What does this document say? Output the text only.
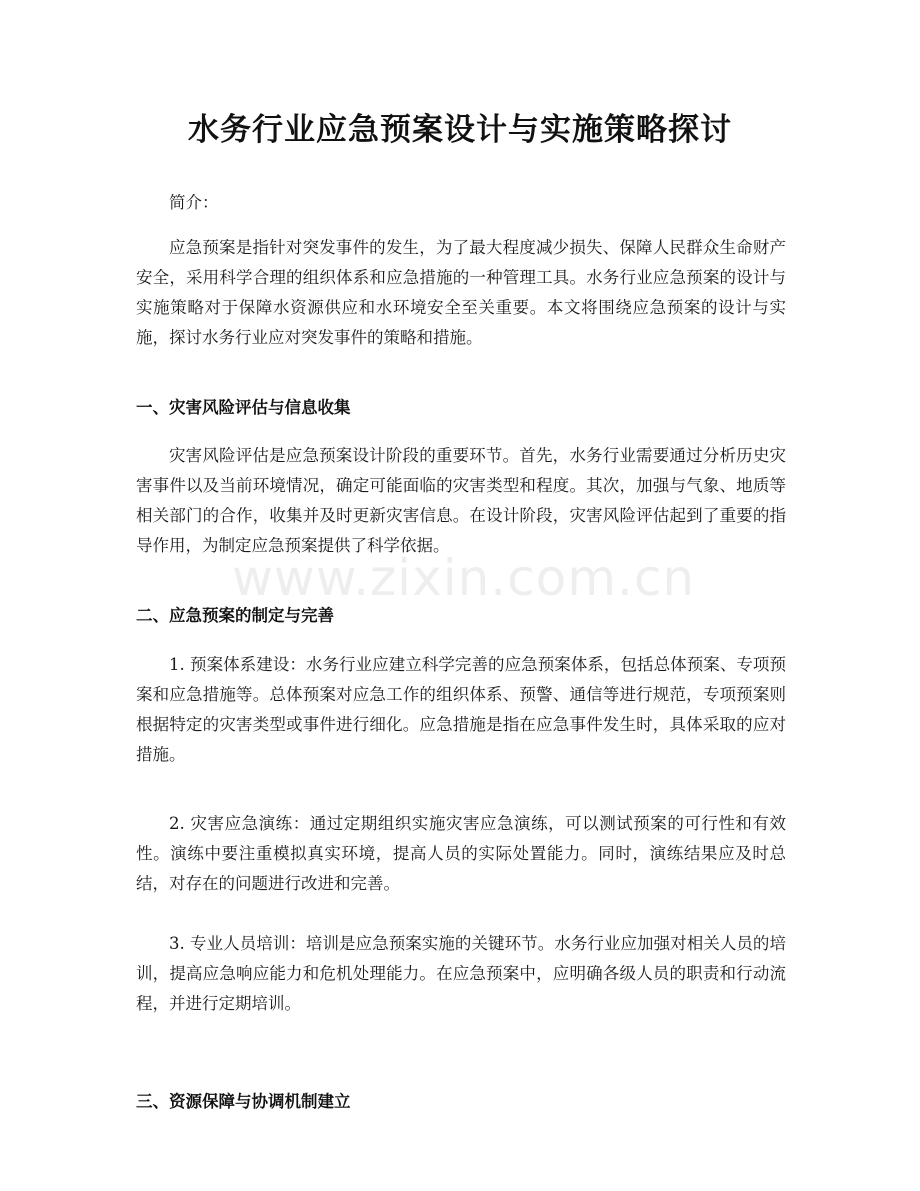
水务行业应急预案设计与实施策略探讨

简介：

应急预案是指针对突发事件的发生，为了最大程度减少损失、保障人民群众生命财产安全，采用科学合理的组织体系和应急措施的一种管理工具。水务行业应急预案的设计与实施策略对于保障水资源供应和水环境安全至关重要。本文将围绕应急预案的设计与实施，探讨水务行业应对突发事件的策略和措施。

一、灾害风险评估与信息收集

灾害风险评估是应急预案设计阶段的重要环节。首先，水务行业需要通过分析历史灾害事件以及当前环境情况，确定可能面临的灾害类型和程度。其次，加强与气象、地质等相关部门的合作，收集并及时更新灾害信息。在设计阶段，灾害风险评估起到了重要的指导作用，为制定应急预案提供了科学依据。

二、应急预案的制定与完善

1. 预案体系建设：水务行业应建立科学完善的应急预案体系，包括总体预案、专项预案和应急措施等。总体预案对应急工作的组织体系、预警、通信等进行规范，专项预案则根据特定的灾害类型或事件进行细化。应急措施是指在应急事件发生时，具体采取的应对措施。

2. 灾害应急演练：通过定期组织实施灾害应急演练，可以测试预案的可行性和有效性。演练中要注重模拟真实环境，提高人员的实际处置能力。同时，演练结果应及时总结，对存在的问题进行改进和完善。

3. 专业人员培训：培训是应急预案实施的关键环节。水务行业应加强对相关人员的培训，提高应急响应能力和危机处理能力。在应急预案中，应明确各级人员的职责和行动流程，并进行定期培训。

三、资源保障与协调机制建立
www.zixin.com.cn
